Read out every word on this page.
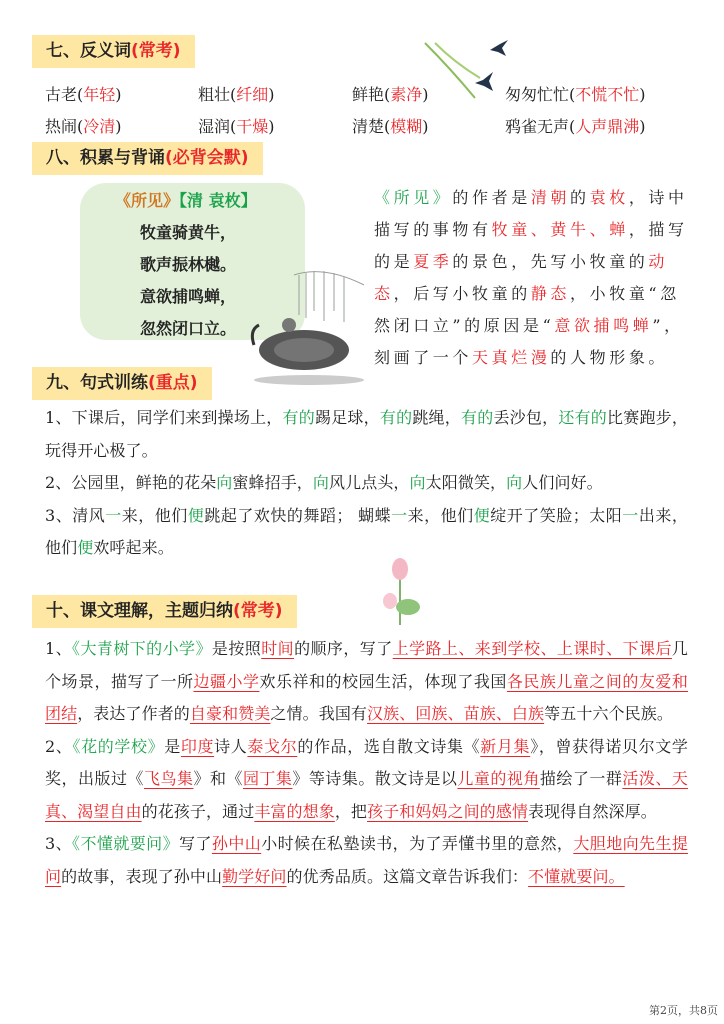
七、反义词(常考)
古老(年轻)	粗壮(纤细)	鲜艳(素净)	匆匆忙忙(不慌不忙)
热闹(冷清)	湿润(干燥)	清楚(模糊)	鸦雀无声(人声鼎沸)
八、积累与背诵(必背会默)
《所见》【清 袁枚】
牧童骑黄牛，
歌声振林樾。
意欲捕鸣蝉，
忽然闭口立。
《所见》的作者是清朝的袁枚，诗中描写的事物有牧童、黄牛、蝉，描写的是夏季的景色，先写小牧童的动态，后写小牧童的静态，小牧童“忽然闭口立”的原因是“意欲捕鸣蝉”，刻画了一个天真烂漫的人物形象。
九、句式训练(重点)
1、下课后，同学们来到操场上，有的踢足球，有的跳绳，有的丢沙包，还有的比赛跑步，玩得开心极了。
2、公园里，鲜艳的花朵向蜜蜂招手，向风儿点头，向太阳微笑，向人们问好。
3、清风一来，他们便跳起了欢快的舞蹈； 蝴蝶一来，他们便绽开了笑脸；太阳一出来，他们便欢呼起来。
十、课文理解，主题归纳(常考)
1、《大青树下的小学》是按照时间的顺序，写了上学路上、来到学校、上课时、下课后几个场景，描写了一所边疆小学欢乐祥和的校园生活，体现了我国各民族儿童之间的友爱和团结，表达了作者的自豪和赞美之情。我国有汉族、回族、苗族、白族等五十六个民族。
2、《花的学校》是印度诗人泰戈尔的作品，选自散文诗集《新月集》，曾获得诺贝尔文学奖，出版过《飞鸟集》和《园丁集》等诗集。散文诗是以儿童的视角描绘了一群活泼、天真、渴望自由的花孩子，通过丰富的想象，把孩子和妈妈之间的感情表现得自然深厚。
3、《不懂就要问》写了孙中山小时候在私塾读书，为了弄懂书里的意然，大胆地向先生提问的故事，表现了孙中山勤学好问的优秀品质。这篇文章告诉我们：不懂就要问。
第2页，共8页
